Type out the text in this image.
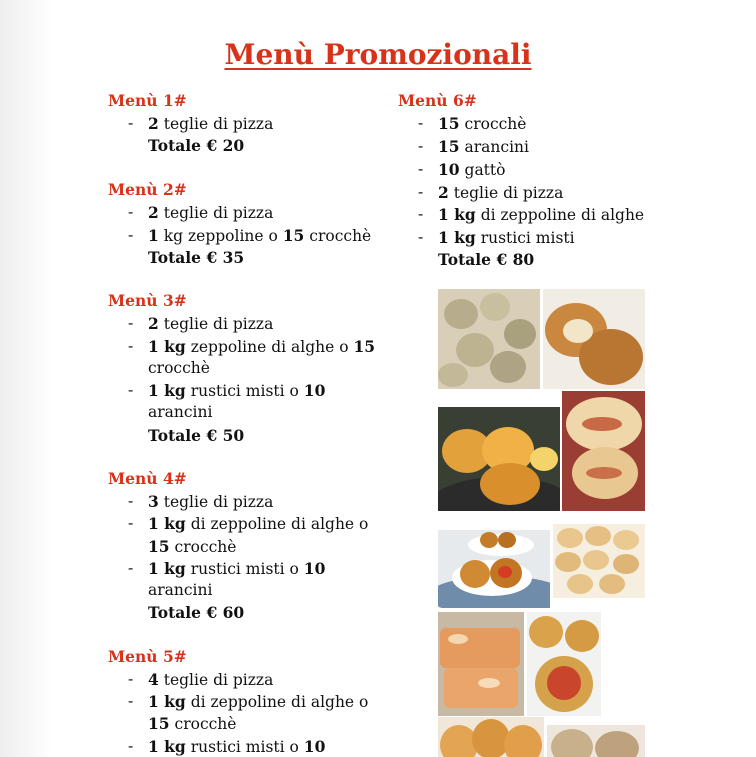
Menù Promozionali
Menù 1#
- 2 teglie di pizza
Totale € 20
Menù 2#
- 2 teglie di pizza
- 1 kg zeppoline o 15 crocchè
Totale € 35
Menù 3#
- 2 teglie di pizza
- 1 kg zeppoline di alghe o 15
crocchè
- 1 kg rustici misti o 10
arancini
Totale € 50
Menù 4#
- 3 teglie di pizza
- 1 kg di zeppoline di alghe o
15 crocchè
- 1 kg rustici misti o 10
arancini
Totale € 60
Menù 5#
- 4 teglie di pizza
- 1 kg di zeppoline di alghe o
15 crocchè
- 1 kg rustici misti o 10
Menù 6#
- 15 crocchè
- 15 arancini
- 10 gattò
- 2 teglie di pizza
- 1 kg di zeppoline di alghe
- 1 kg rustici misti
Totale € 80
